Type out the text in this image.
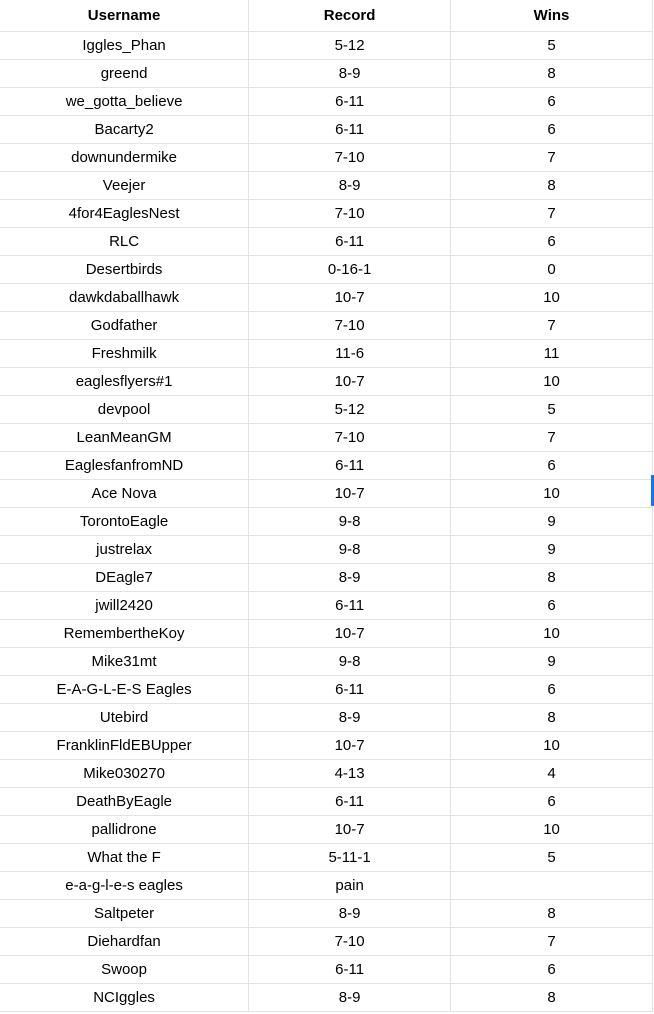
Username	Record	Wins
Iggles_Phan	5-12	5
greend	8-9	8
we_gotta_believe	6-11	6
Bacarty2	6-11	6
downundermike	7-10	7
Veejer	8-9	8
4for4EaglesNest	7-10	7
RLC	6-11	6
Desertbirds	0-16-1	0
dawkdaballhawk	10-7	10
Godfather	7-10	7
Freshmilk	11-6	11
eaglesflyers#1	10-7	10
devpool	5-12	5
LeanMeanGM	7-10	7
EaglesfanfromND	6-11	6
Ace Nova	10-7	10
TorontoEagle	9-8	9
justrelax	9-8	9
DEagle7	8-9	8
jwill2420	6-11	6
RemembertheKoy	10-7	10
Mike31mt	9-8	9
E-A-G-L-E-S Eagles	6-11	6
Utebird	8-9	8
FranklinFldEBUpper	10-7	10
Mike030270	4-13	4
DeathByEagle	6-11	6
pallidrone	10-7	10
What the F	5-11-1	5
e-a-g-l-e-s eagles	pain	
Saltpeter	8-9	8
Diehardfan	7-10	7
Swoop	6-11	6
NCIggles	8-9	8
